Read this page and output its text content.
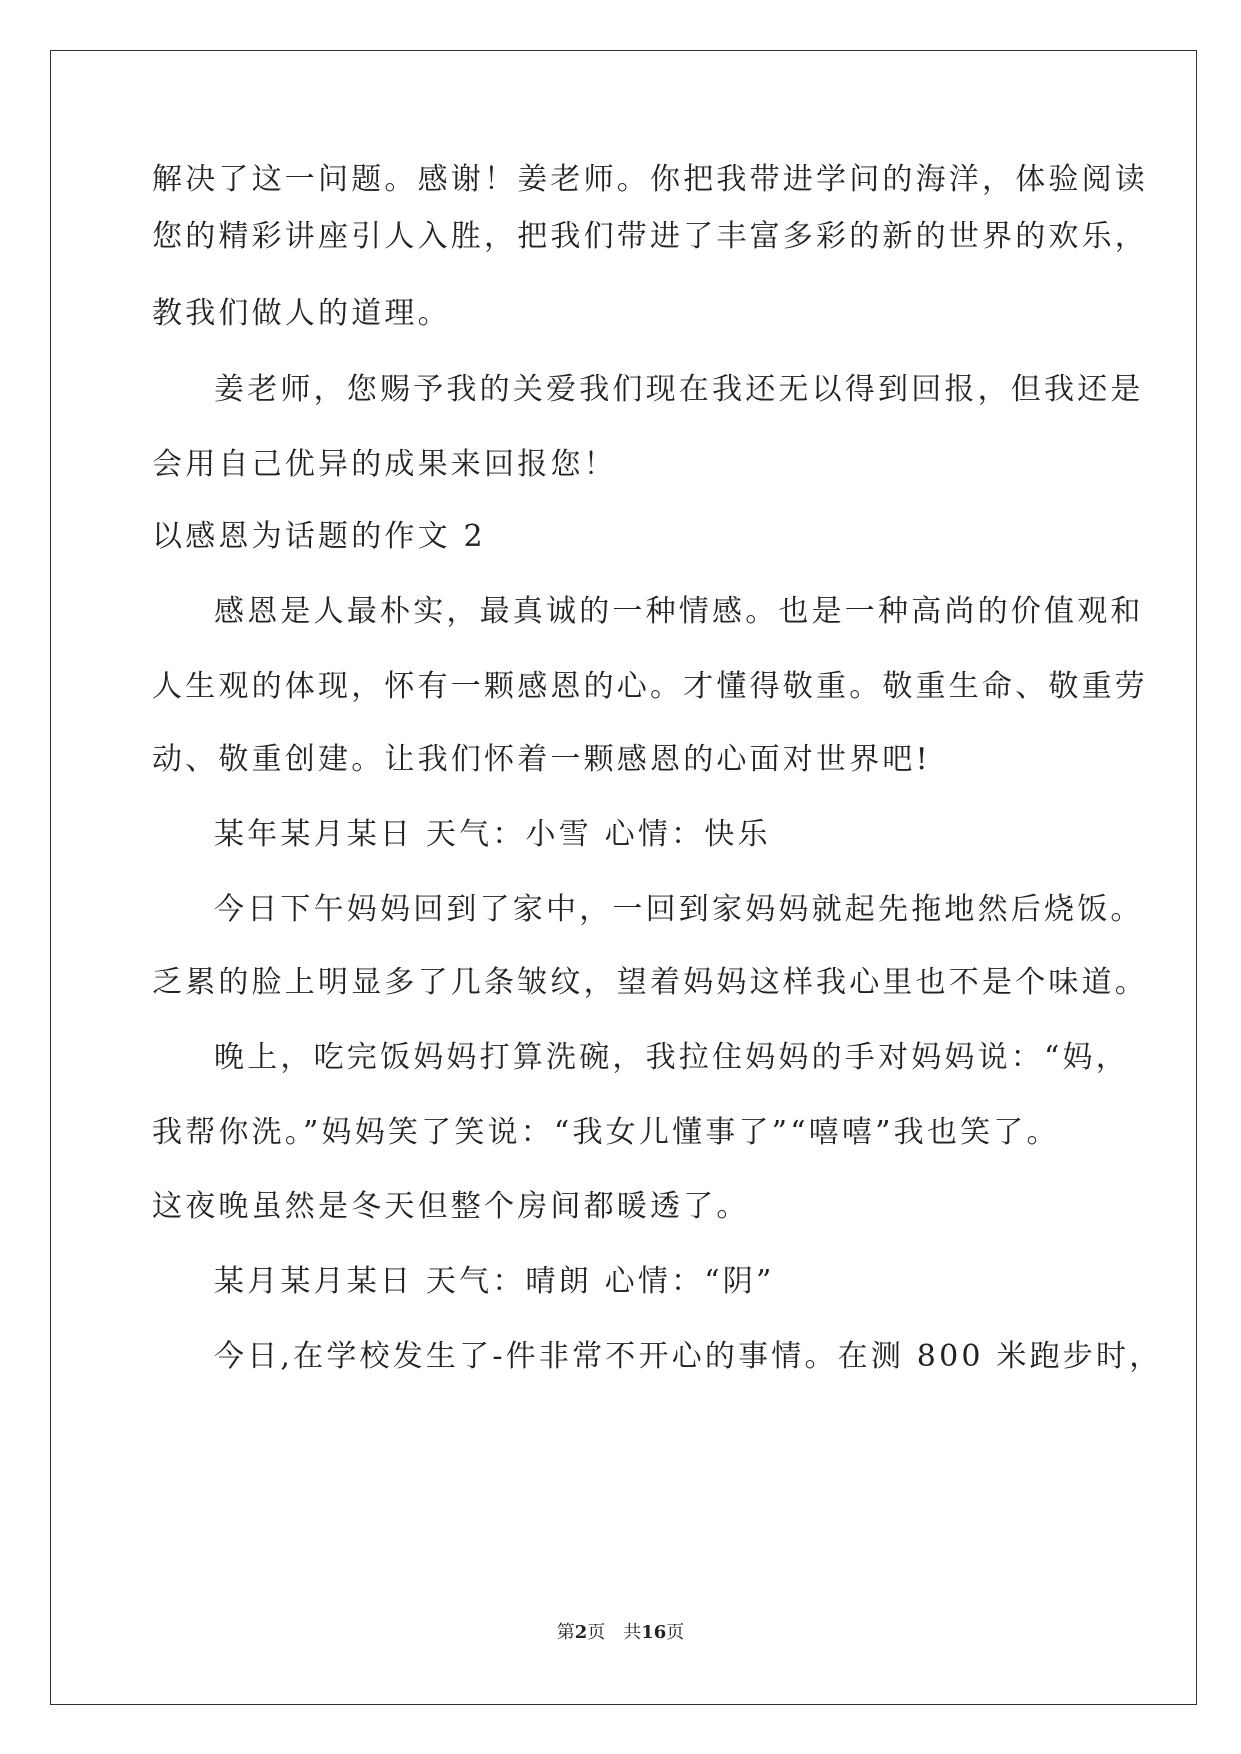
解决了这一问题。感谢！姜老师。你把我带进学问的海洋，体验阅读
您的精彩讲座引人入胜，把我们带进了丰富多彩的新的世界的欢乐，
教我们做人的道理。
姜老师，您赐予我的关爱我们现在我还无以得到回报，但我还是
会用自己优异的成果来回报您！
以感恩为话题的作文 2
感恩是人最朴实，最真诚的一种情感。也是一种高尚的价值观和
人生观的体现，怀有一颗感恩的心。才懂得敬重。敬重生命、敬重劳
动、敬重创建。让我们怀着一颗感恩的心面对世界吧!
某年某月某日 天气：小雪 心情：快乐
今日下午妈妈回到了家中，一回到家妈妈就起先拖地然后烧饭。
乏累的脸上明显多了几条皱纹，望着妈妈这样我心里也不是个味道。
晚上，吃完饭妈妈打算洗碗，我拉住妈妈的手对妈妈说：“妈，
我帮你洗。”妈妈笑了笑说：“我女儿懂事了”“嘻嘻”我也笑了。
这夜晚虽然是冬天但整个房间都暖透了。
某月某月某日 天气：晴朗 心情：“阴”
今日,在学校发生了-件非常不开心的事情。在测 800 米跑步时，
第2页　共16页
